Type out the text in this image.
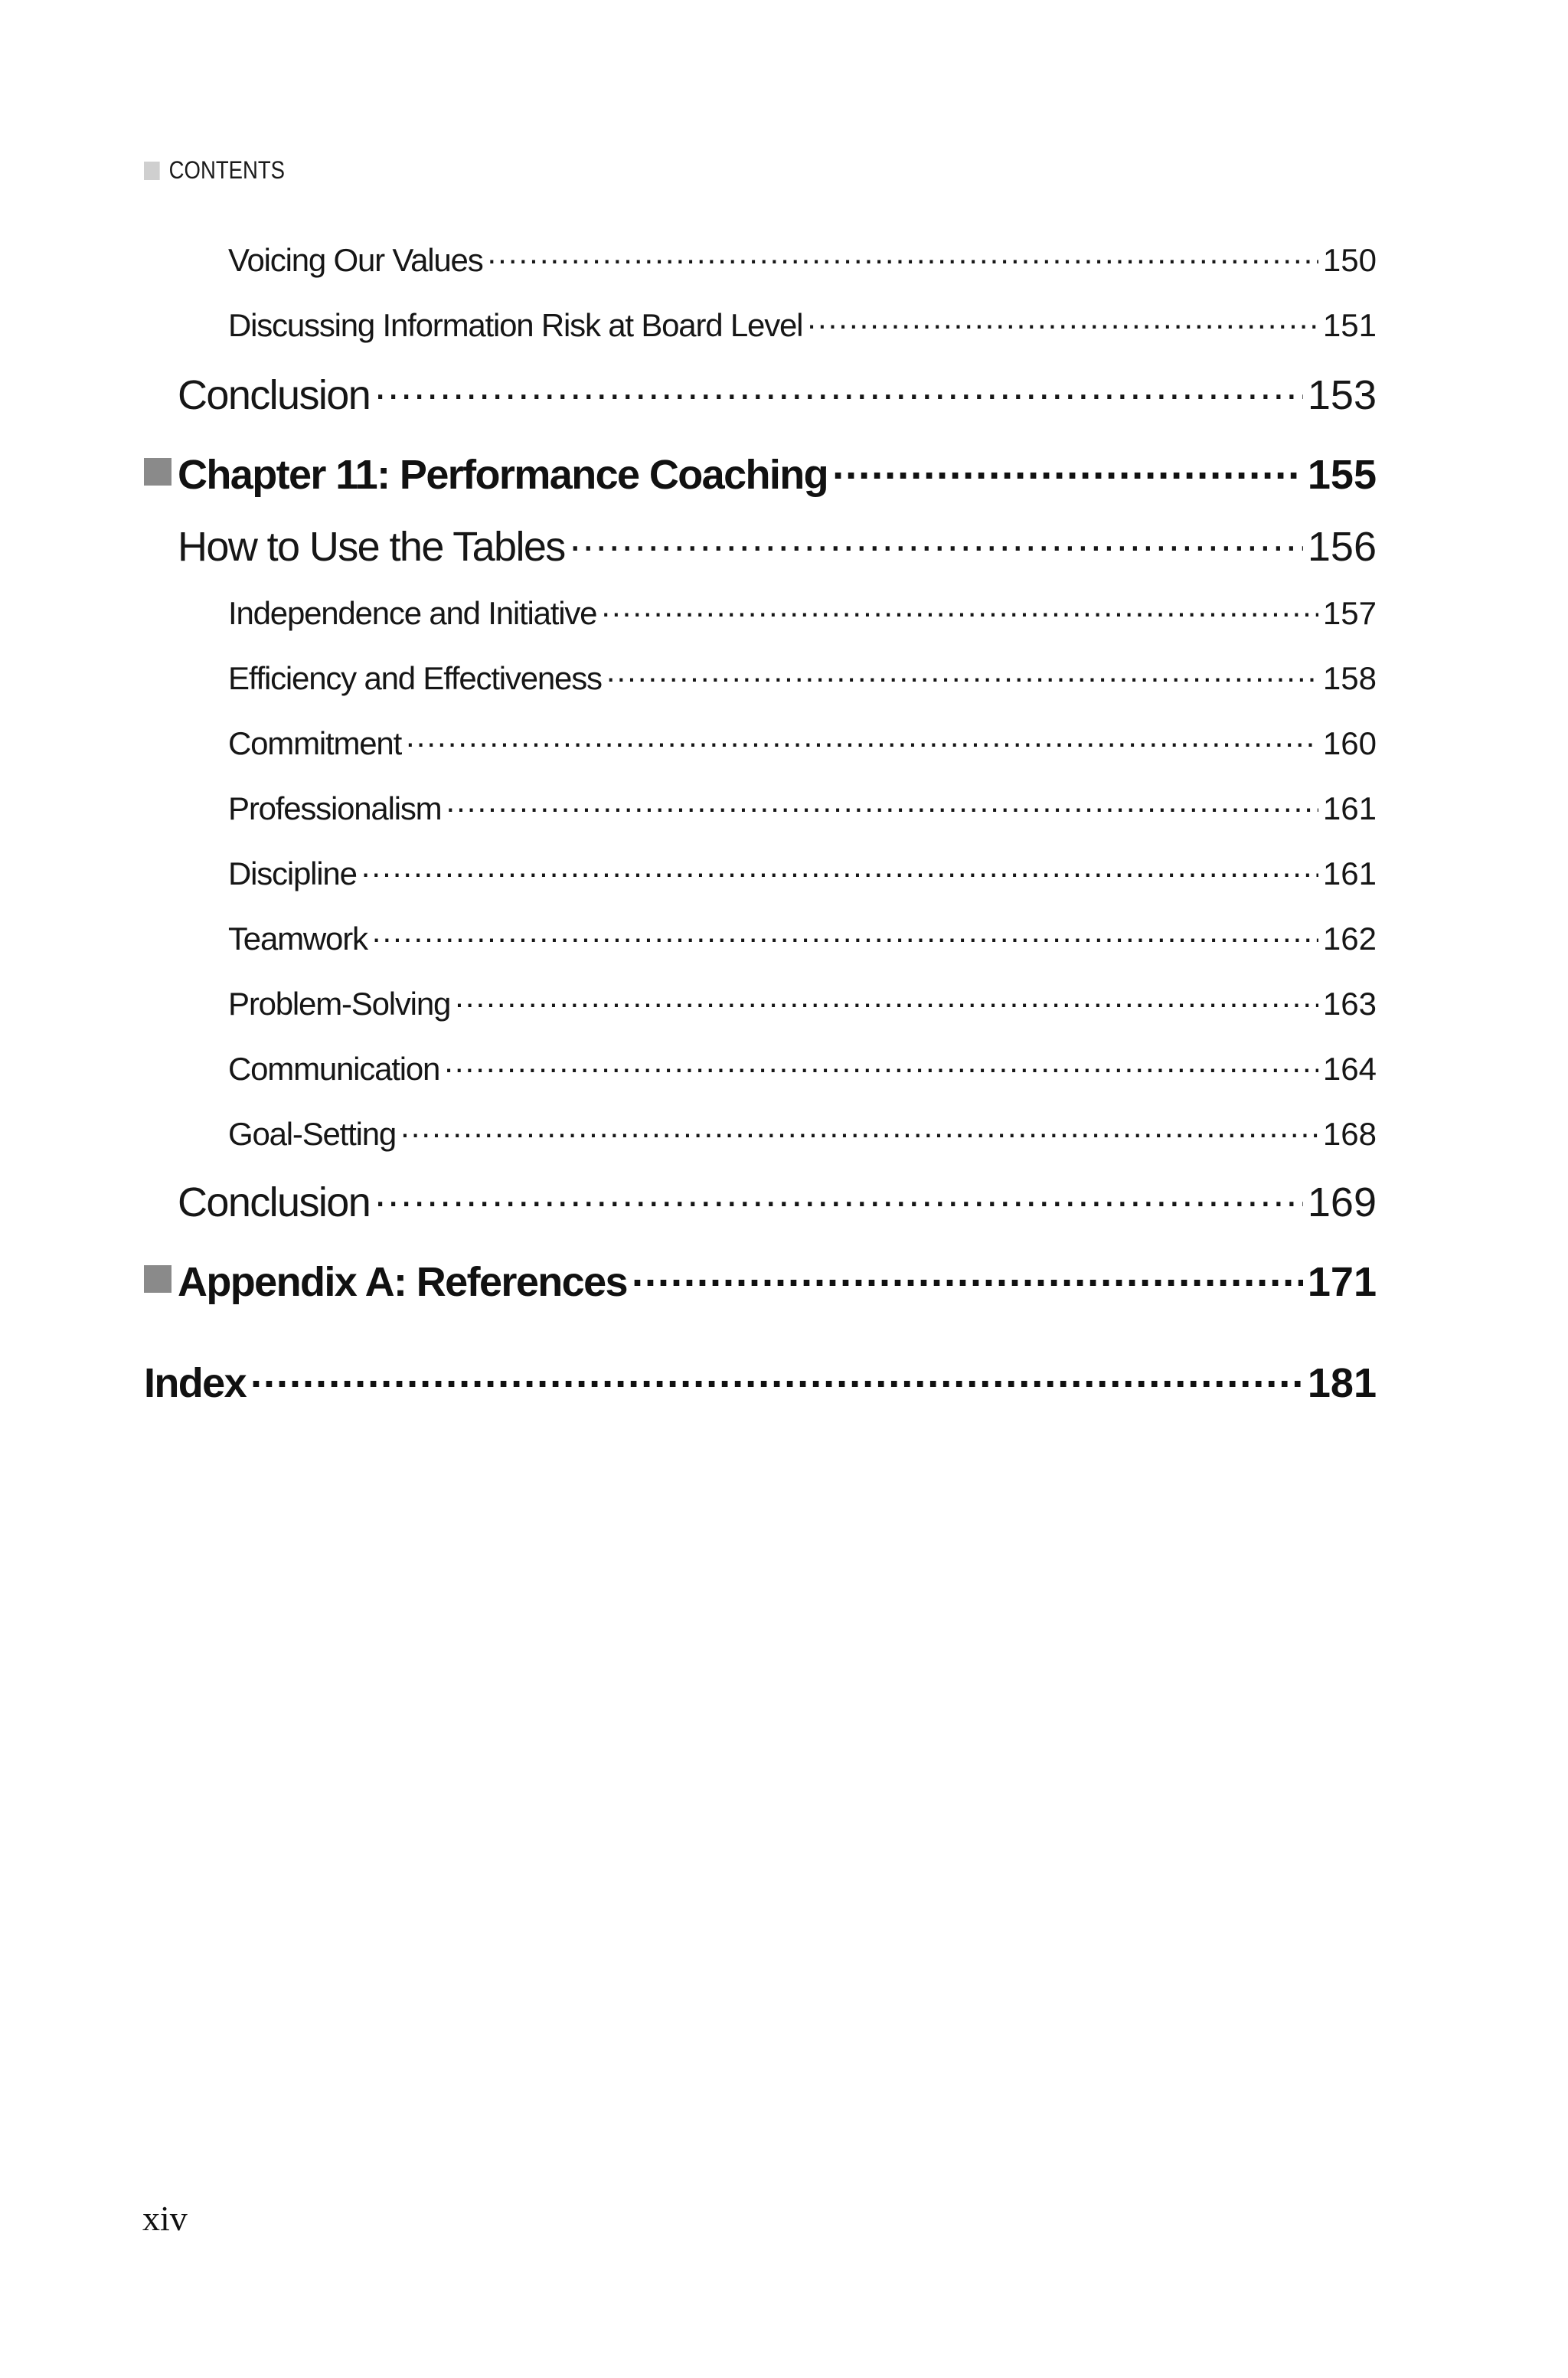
CONTENTS
Voicing Our Values .....	150
Discussing Information Risk at Board Level .....	151
Conclusion .....	153
Chapter 11: Performance Coaching .....	155
How to Use the Tables .....	156
Independence and Initiative .....	157
Efficiency and Effectiveness .....	158
Commitment .....	160
Professionalism .....	161
Discipline .....	161
Teamwork .....	162
Problem-Solving .....	163
Communication .....	164
Goal-Setting .....	168
Conclusion .....	169
Appendix A: References .....	171
Index .....	181
xiv
